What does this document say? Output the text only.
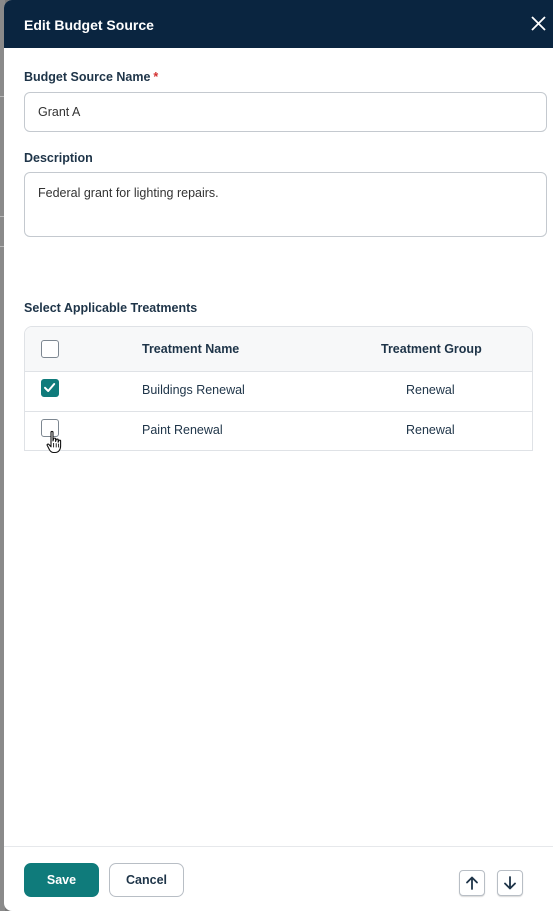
Edit Budget Source
Budget Source Name *
Grant A
Description
Federal grant for lighting repairs.
Select Applicable Treatments
Treatment Name	Treatment Group
Buildings Renewal	Renewal
Paint Renewal	Renewal
Save	Cancel
